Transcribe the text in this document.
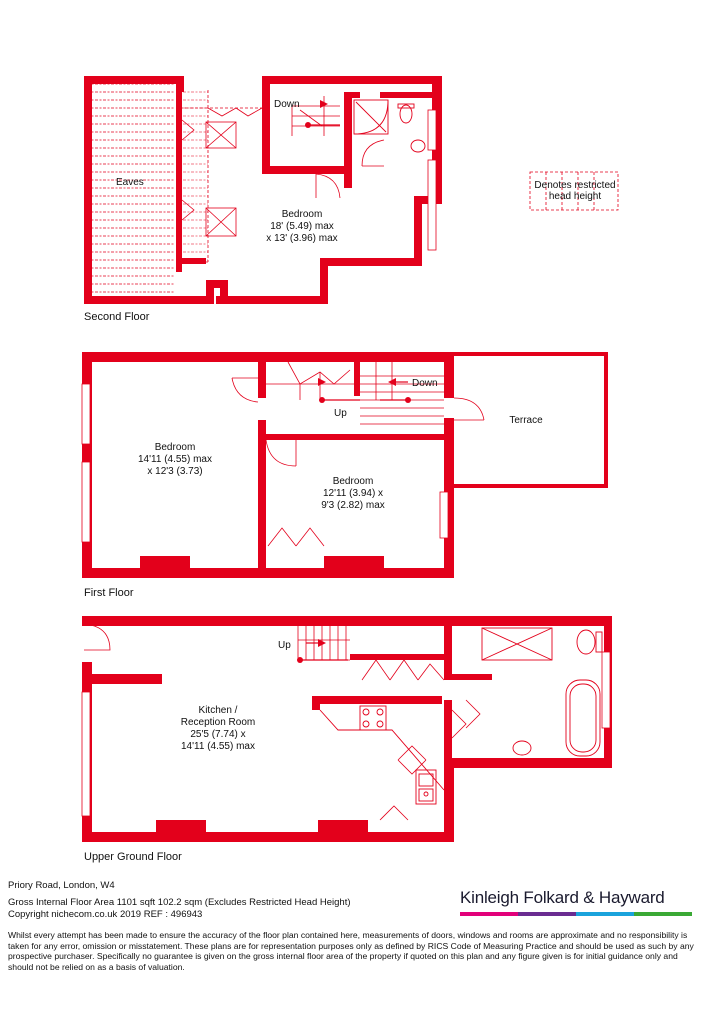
Eaves
Down
Bedroom
18' (5.49) max
x 13' (3.96) max
Second Floor
Denotes restricted
head height
Down
Up
Terrace
Bedroom
14'11 (4.55) max
x 12'3 (3.73)
Bedroom
12'11 (3.94) x
9'3 (2.82) max
First Floor
Up
Kitchen /
Reception Room
25'5 (7.74) x
14'11 (4.55) max
Upper Ground Floor
Priory Road, London, W4
Gross Internal Floor Area 1101 sqft 102.2 sqm (Excludes Restricted Head Height)
Copyright nichecom.co.uk 2019 REF : 496943
Whilst every attempt has been made to ensure the accuracy of the floor plan contained here, measurements of doors, windows and rooms are approximate and no responsibility is taken for any error, omission or misstatement. These plans are for representation purposes only as defined by RICS Code of Measuring Practice and should be used as such by any prospective purchaser. Specifically no guarantee is given on the gross internal floor area of the property if quoted on this plan and any figure given is for initial guidance only and should not be relied on as a basis of valuation.
Kinleigh Folkard & Hayward
